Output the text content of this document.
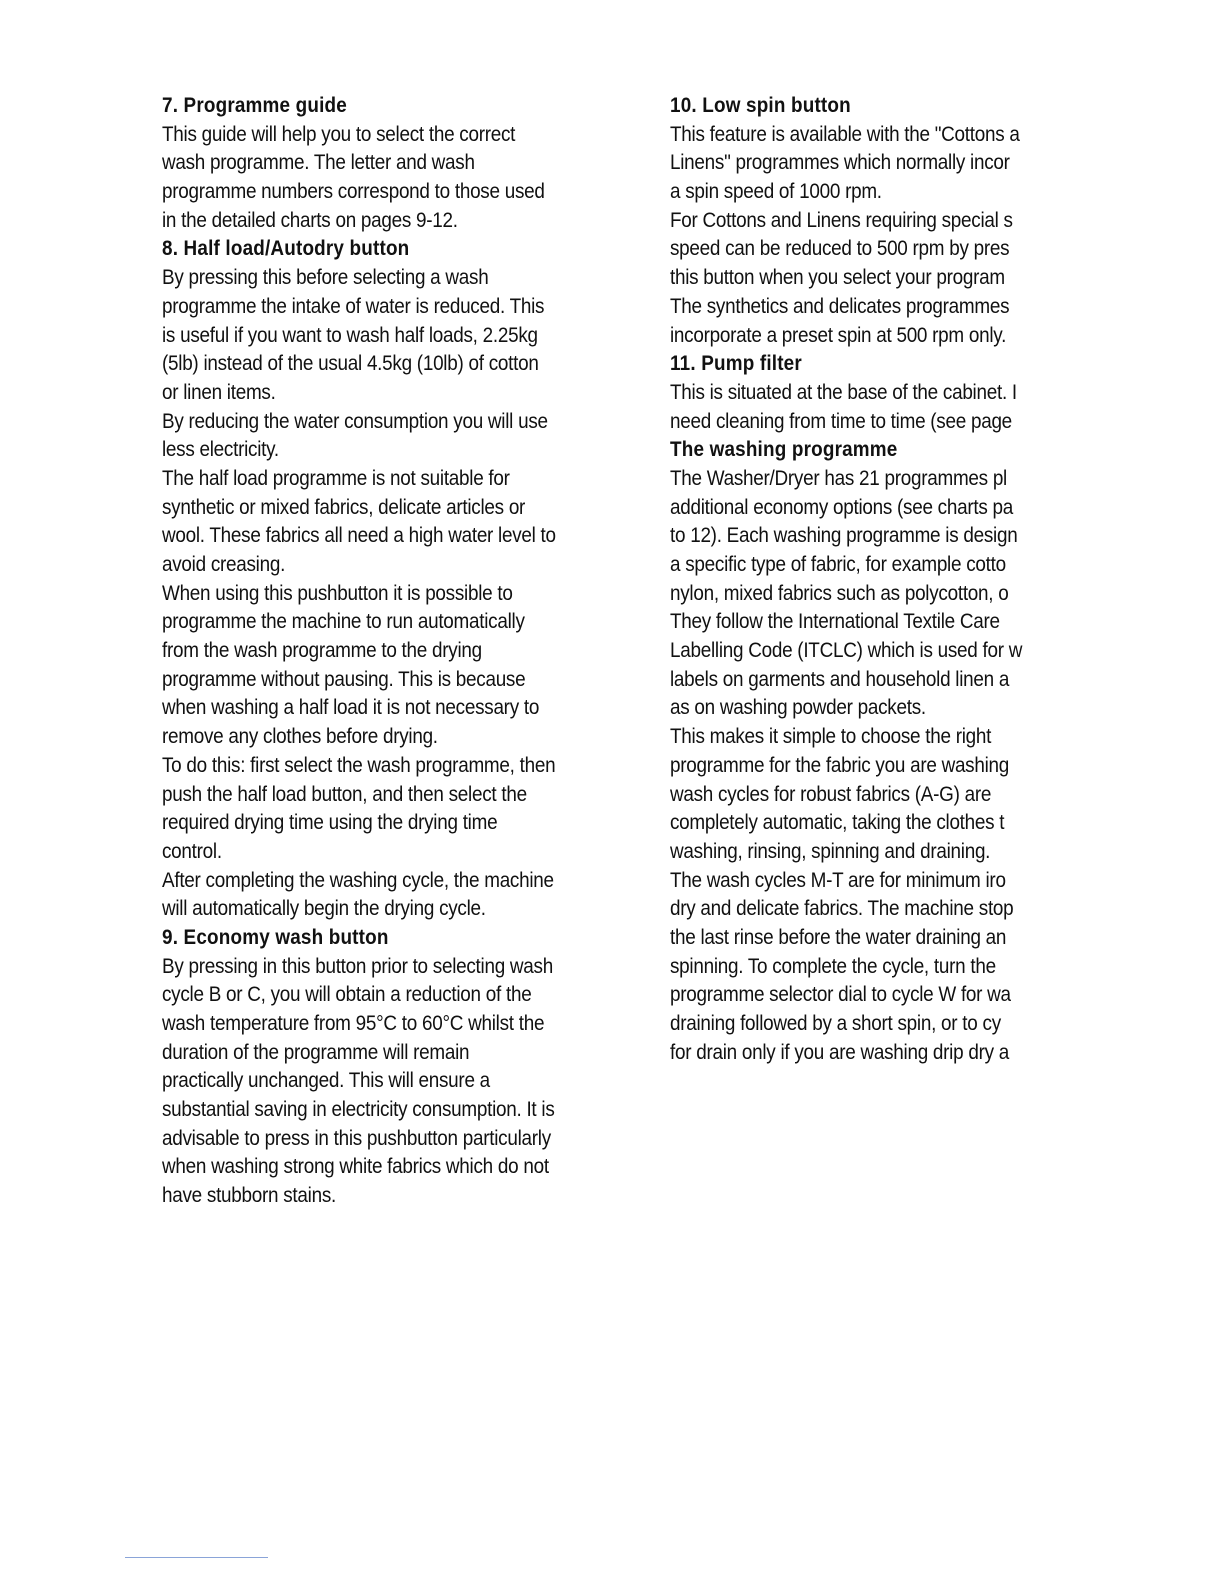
7. Programme guide
This guide will help you to select the correct
wash programme. The letter and wash
programme numbers correspond to those used
in the detailed charts on pages 9-12.
8. Half load/Autodry button
By pressing this before selecting a wash
programme the intake of water is reduced. This
is useful if you want to wash half loads, 2.25kg
(5lb) instead of the usual 4.5kg (10lb) of cotton
or linen items.
By reducing the water consumption you will use
less electricity.
The half load programme is not suitable for
synthetic or mixed fabrics, delicate articles or
wool. These fabrics all need a high water level to
avoid creasing.
When using this pushbutton it is possible to
programme the machine to run automatically
from the wash programme to the drying
programme without pausing. This is because
when washing a half load it is not necessary to
remove any clothes before drying.
To do this: first select the wash programme, then
push the half load button, and then select the
required drying time using the drying time
control.
After completing the washing cycle, the machine
will automatically begin the drying cycle.
9. Economy wash button
By pressing in this button prior to selecting wash
cycle B or C, you will obtain a reduction of the
wash temperature from 95°C to 60°C whilst the
duration of the programme will remain
practically unchanged. This will ensure a
substantial saving in electricity consumption. It is
advisable to press in this pushbutton particularly
when washing strong white fabrics which do not
have stubborn stains.
10. Low spin button
This feature is available with the "Cottons a
Linens" programmes which normally incor
a spin speed of 1000 rpm.
For Cottons and Linens requiring special s
speed can be reduced to 500 rpm by pres
this button when you select your program
The synthetics and delicates programmes
incorporate a preset spin at 500 rpm only.
11. Pump filter
This is situated at the base of the cabinet. I
need cleaning from time to time (see page
The washing programme
The Washer/Dryer has 21 programmes pl
additional economy options (see charts pa
to 12). Each washing programme is design
a specific type of fabric, for example cotto
nylon, mixed fabrics such as polycotton, o
They follow the International Textile Care
Labelling Code (ITCLC) which is used for w
labels on garments and household linen a
as on washing powder packets.
This makes it simple to choose the right
programme for the fabric you are washing
wash cycles for robust fabrics (A-G) are
completely automatic, taking the clothes t
washing, rinsing, spinning and draining.
The wash cycles M-T are for minimum iro
dry and delicate fabrics. The machine stop
the last rinse before the water draining an
spinning. To complete the cycle, turn the
programme selector dial to cycle W for wa
draining followed by a short spin, or to cy
for drain only if you are washing drip dry a
